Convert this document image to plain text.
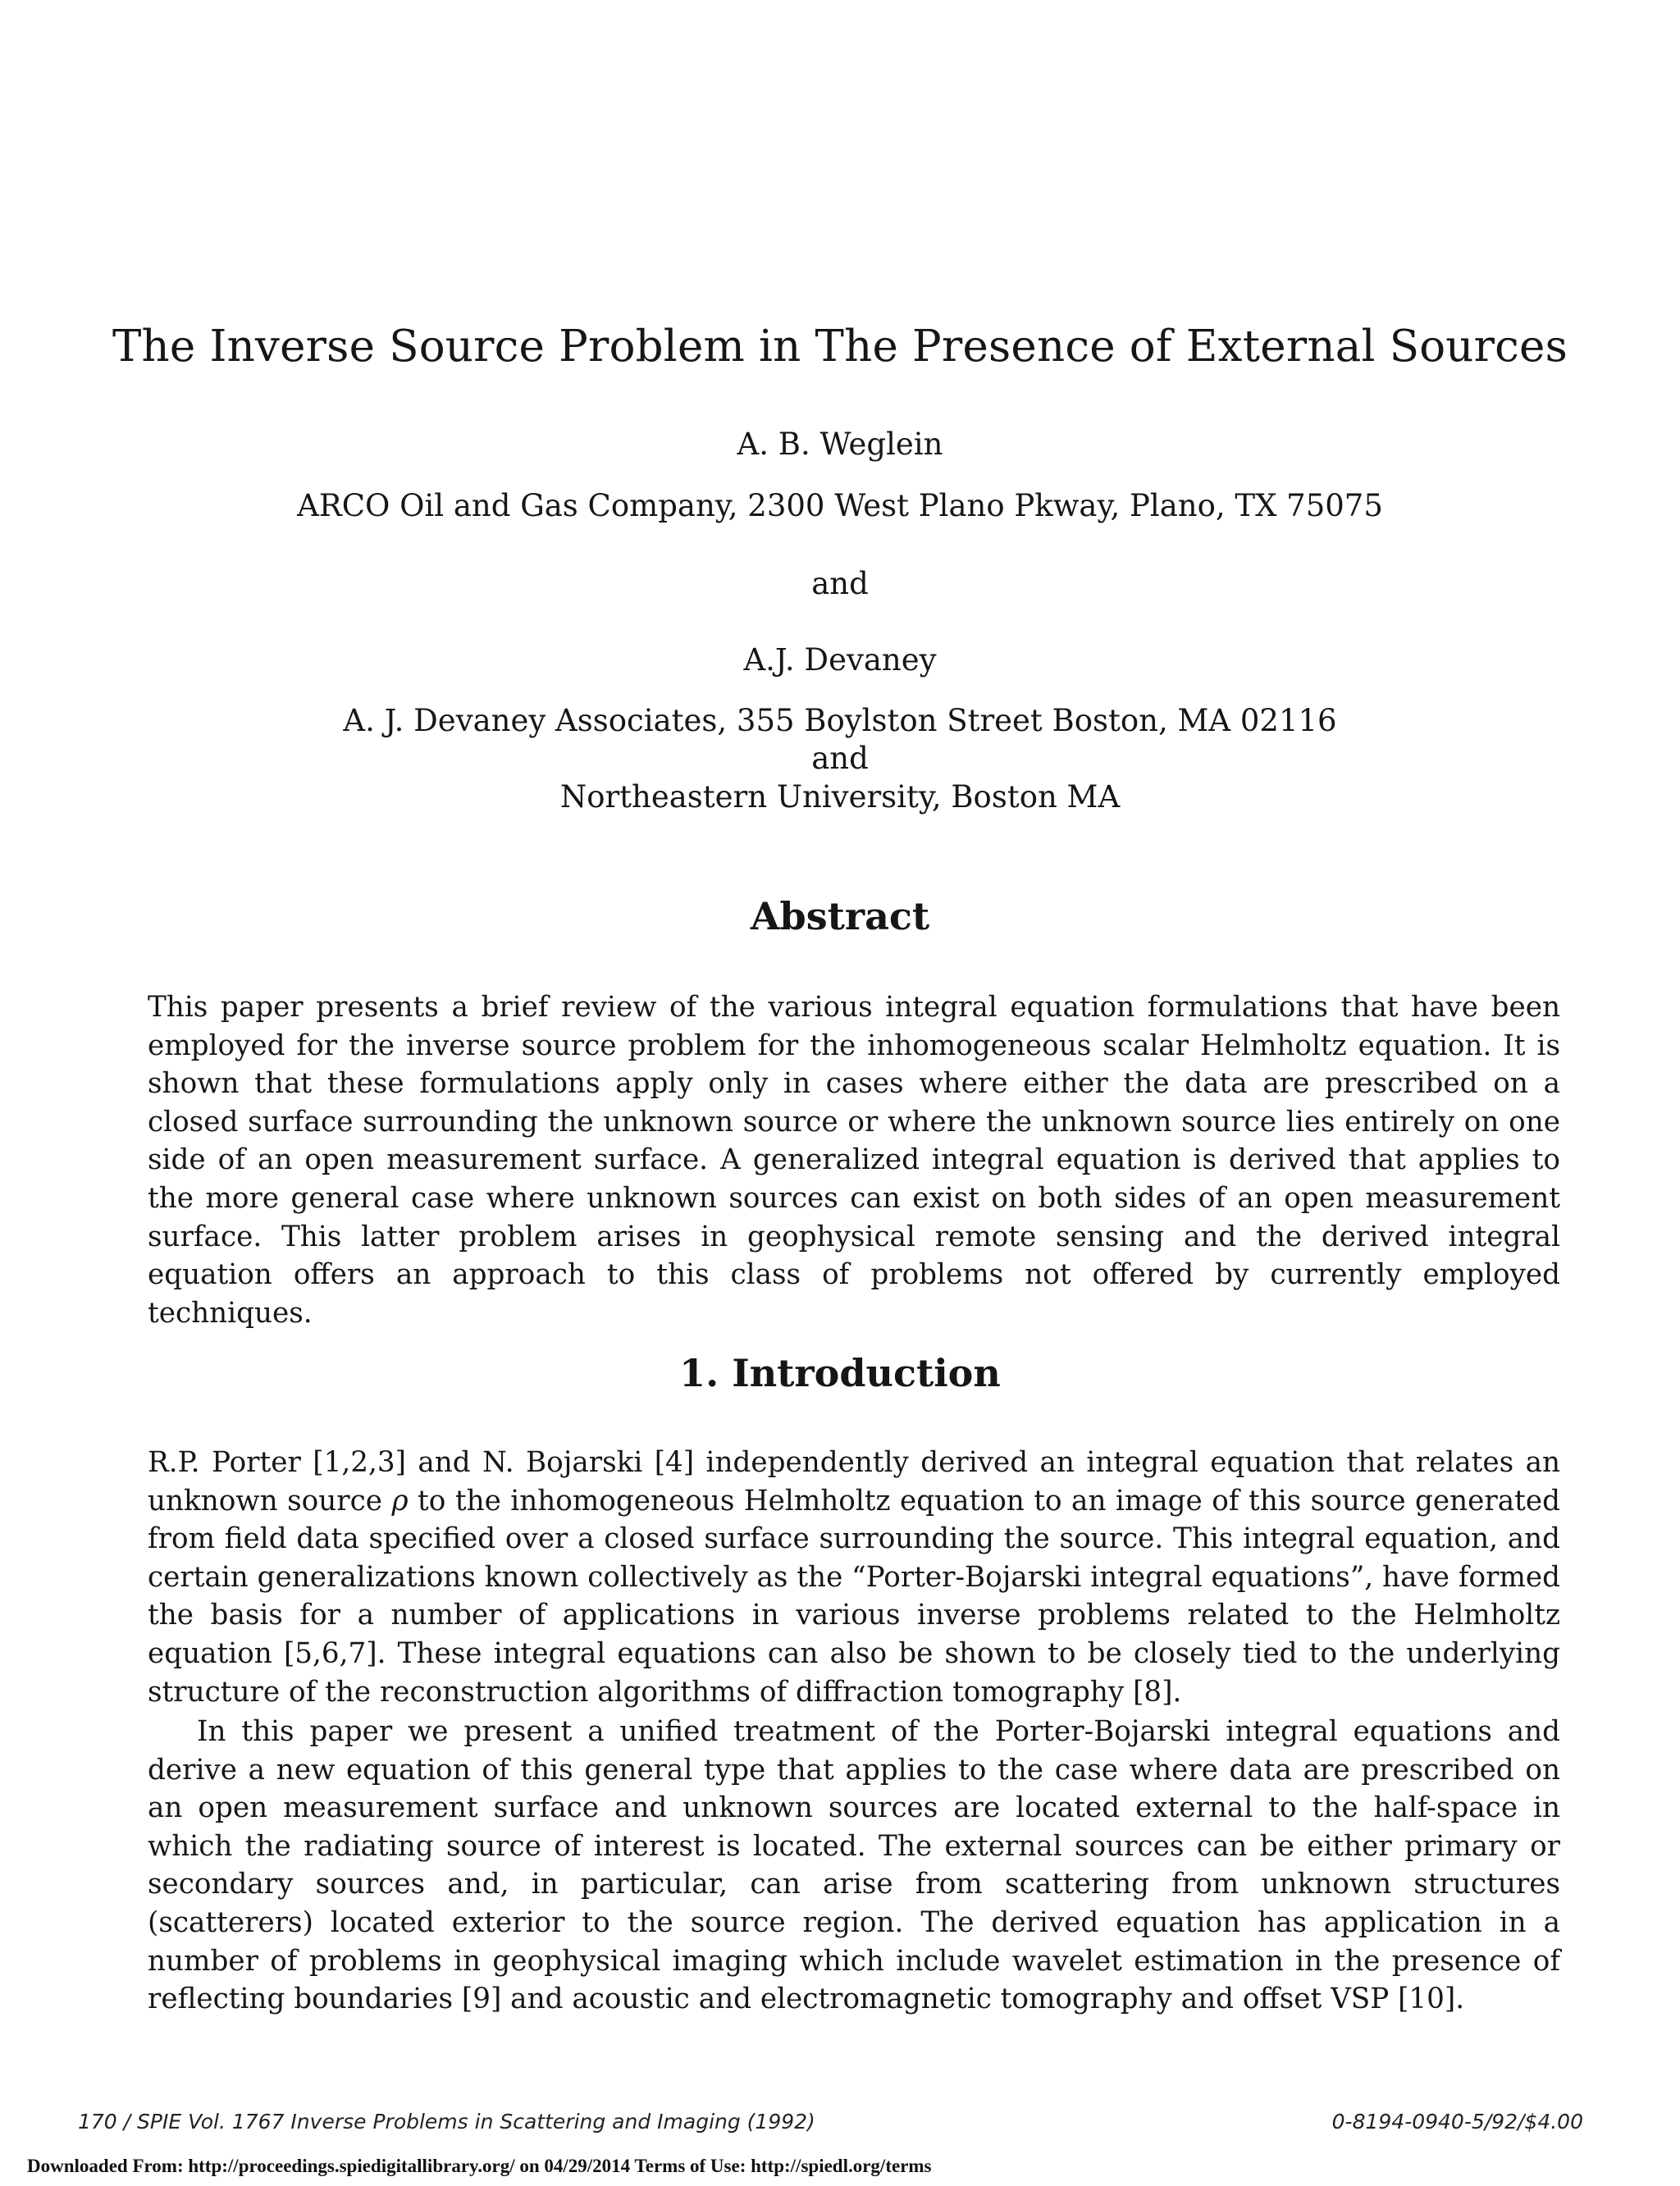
The Inverse Source Problem in The Presence of External Sources
A. B. Weglein
ARCO Oil and Gas Company, 2300 West Plano Pkway, Plano, TX 75075
and
A.J. Devaney
A. J. Devaney Associates, 355 Boylston Street Boston, MA 02116
and
Northeastern University, Boston MA
Abstract

This paper presents a brief review of the various integral equation formulations that have been employed for the inverse source problem for the inhomogeneous scalar Helmholtz equation. It is shown that these formulations apply only in cases where either the data are prescribed on a closed surface surrounding the unknown source or where the unknown source lies entirely on one side of an open measurement surface. A generalized integral equation is derived that applies to the more general case where unknown sources can exist on both sides of an open measurement surface. This latter problem arises in geophysical remote sensing and the derived integral equation offers an approach to this class of problems not offered by currently employed techniques.

1. Introduction

R.P. Porter [1,2,3] and N. Bojarski [4] independently derived an integral equation that relates an unknown source ρ to the inhomogeneous Helmholtz equation to an image of this source generated from field data specified over a closed surface surrounding the source. This integral equation, and certain generalizations known collectively as the “Porter-Bojarski integral equations”, have formed the basis for a number of applications in various inverse problems related to the Helmholtz equation [5,6,7]. These integral equations can also be shown to be closely tied to the underlying structure of the reconstruction algorithms of diffraction tomography [8].

In this paper we present a unified treatment of the Porter-Bojarski integral equations and derive a new equation of this general type that applies to the case where data are prescribed on an open measurement surface and unknown sources are located external to the half-space in which the radiating source of interest is located. The external sources can be either primary or secondary sources and, in particular, can arise from scattering from unknown structures (scatterers) located exterior to the source region. The derived equation has application in a number of problems in geophysical imaging which include wavelet estimation in the presence of reflecting boundaries [9] and acoustic and electromagnetic tomography and offset VSP [10].

170 / SPIE Vol. 1767 Inverse Problems in Scattering and Imaging (1992)	0-8194-0940-5/92/$4.00
Downloaded From: http://proceedings.spiedigitallibrary.org/ on 04/29/2014 Terms of Use: http://spiedl.org/terms
